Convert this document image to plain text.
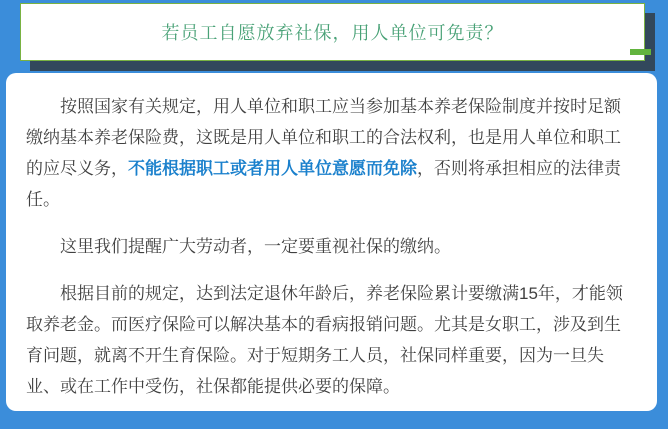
若员工自愿放弃社保，用人单位可免责？

按照国家有关规定，用人单位和职工应当参加基本养老保险制度并按时足额缴纳基本养老保险费，这既是用人单位和职工的合法权利，也是用人单位和职工的应尽义务，不能根据职工或者用人单位意愿而免除，否则将承担相应的法律责任。

这里我们提醒广大劳动者，一定要重视社保的缴纳。

根据目前的规定，达到法定退休年龄后，养老保险累计要缴满15年，才能领取养老金。而医疗保险可以解决基本的看病报销问题。尤其是女职工，涉及到生育问题，就离不开生育保险。对于短期务工人员，社保同样重要，因为一旦失业、或在工作中受伤，社保都能提供必要的保障。
